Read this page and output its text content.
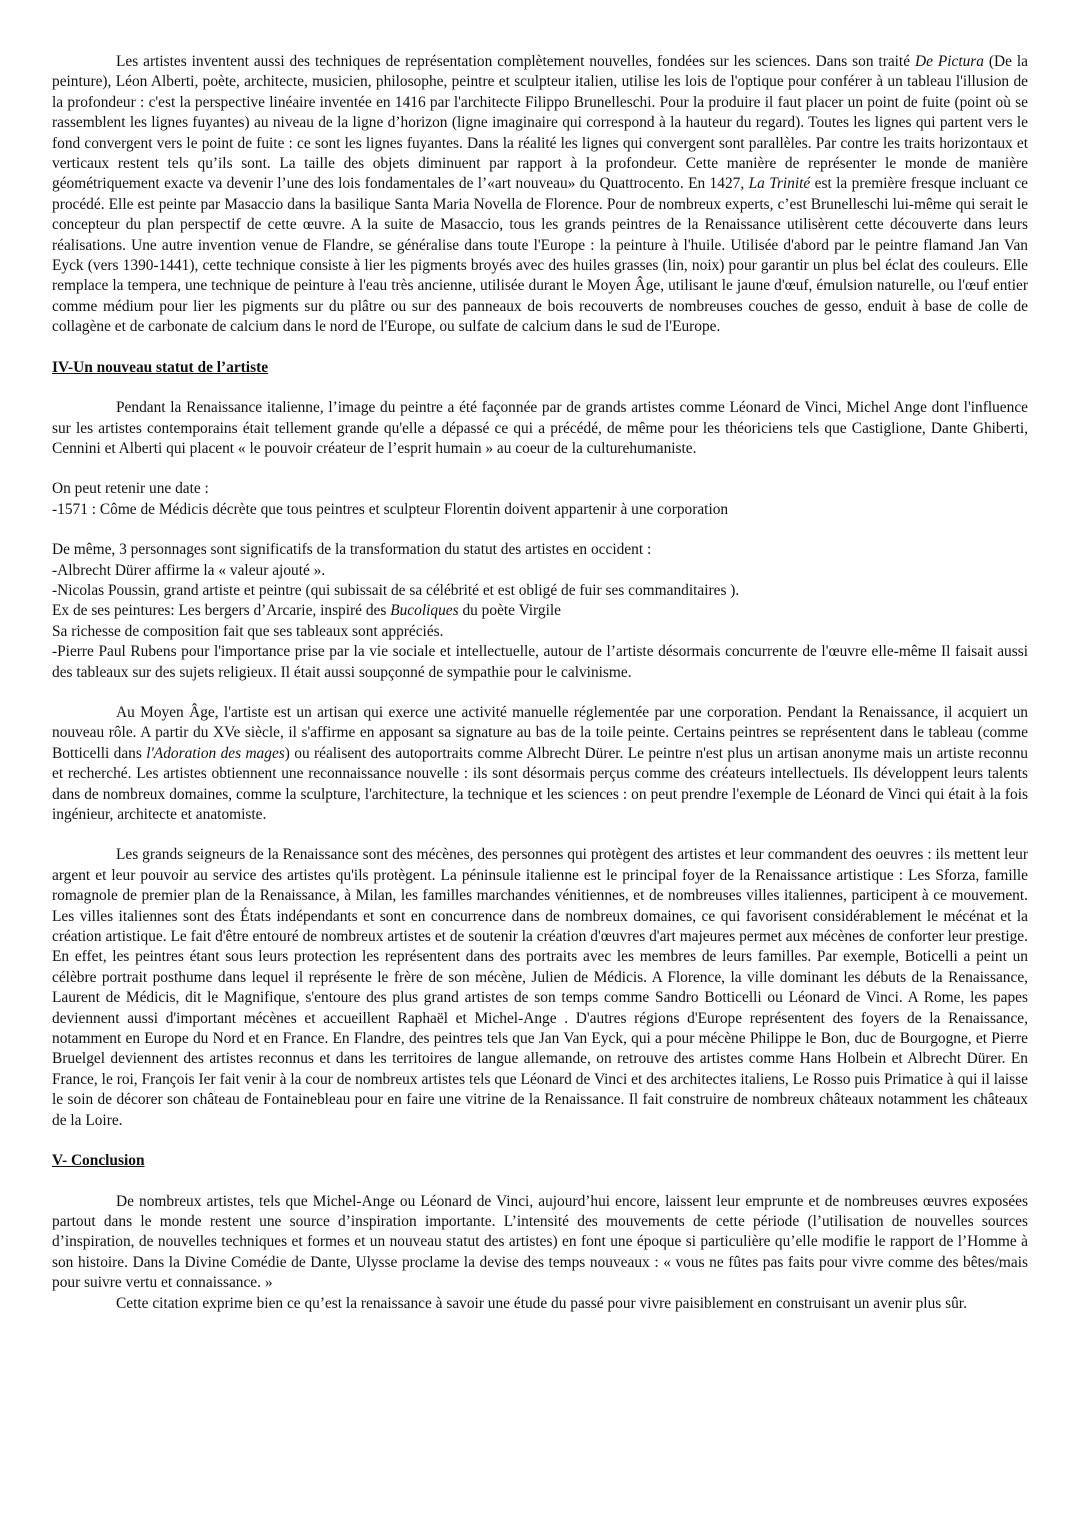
Les artistes inventent aussi des techniques de représentation complètement nouvelles, fondées sur les sciences. Dans son traité De Pictura (De la peinture), Léon Alberti, poète, architecte, musicien, philosophe, peintre et sculpteur italien, utilise les lois de l'optique pour conférer à un tableau l'illusion de la profondeur : c'est la perspective linéaire inventée en 1416 par l'architecte Filippo Brunelleschi. Pour la produire il faut placer un point de fuite (point où se rassemblent les lignes fuyantes) au niveau de la ligne d’horizon (ligne imaginaire qui correspond à la hauteur du regard). Toutes les lignes qui partent vers le fond convergent vers le point de fuite : ce sont les lignes fuyantes. Dans la réalité les lignes qui convergent sont parallèles. Par contre les traits horizontaux et verticaux restent tels qu’ils sont. La taille des objets diminuent par rapport à la profondeur. Cette manière de représenter le monde de manière géométriquement exacte va devenir l’une des lois fondamentales de l’«art nouveau» du Quattrocento. En 1427, La Trinité est la première fresque incluant ce procédé. Elle est peinte par Masaccio dans la basilique Santa Maria Novella de Florence. Pour de nombreux experts, c’est Brunelleschi lui-même qui serait le concepteur du plan perspectif de cette œuvre. A la suite de Masaccio, tous les grands peintres de la Renaissance utilisèrent cette découverte dans leurs réalisations. Une autre invention venue de Flandre, se généralise dans toute l'Europe : la peinture à l'huile. Utilisée d'abord par le peintre flamand Jan Van Eyck (vers 1390-1441), cette technique consiste à lier les pigments broyés avec des huiles grasses (lin, noix) pour garantir un plus bel éclat des couleurs. Elle remplace la tempera, une technique de peinture à l'eau très ancienne, utilisée durant le Moyen Âge, utilisant le jaune d'œuf, émulsion naturelle, ou l'œuf entier comme médium pour lier les pigments sur du plâtre ou sur des panneaux de bois recouverts de nombreuses couches de gesso, enduit à base de colle de collagène et de carbonate de calcium dans le nord de l'Europe, ou sulfate de calcium dans le sud de l'Europe.

IV-Un nouveau statut de l’artiste

Pendant la Renaissance italienne, l’image du peintre a été façonnée par de grands artistes comme Léonard de Vinci, Michel Ange dont l'influence sur les artistes contemporains était tellement grande qu'elle a dépassé ce qui a précédé, de même pour les théoriciens tels que Castiglione, Dante Ghiberti, Cennini et Alberti qui placent « le pouvoir créateur de l’esprit humain » au coeur de la culturehumaniste.

On peut retenir une date :
-1571 : Côme de Médicis décrète que tous peintres et sculpteur Florentin doivent appartenir à une corporation
De même, 3 personnages sont significatifs de la transformation du statut des artistes en occident :
-Albrecht Dürer affirme la « valeur ajouté ».
-Nicolas Poussin, grand artiste et peintre (qui subissait de sa célébrité et est obligé de fuir ses commanditaires ).
Ex de ses peintures: Les bergers d’Arcarie, inspiré des Bucoliques du poète Virgile
Sa richesse de composition fait que ses tableaux sont appréciés.

-Pierre Paul Rubens pour l'importance prise par la vie sociale et intellectuelle, autour de l’artiste désormais concurrente de l'œuvre elle-même Il faisait aussi des tableaux sur des sujets religieux. Il était aussi soupçonné de sympathie pour le calvinisme.

Au Moyen Âge, l'artiste est un artisan qui exerce une activité manuelle réglementée par une corporation. Pendant la Renaissance, il acquiert un nouveau rôle. A partir du XVe siècle, il s'affirme en apposant sa signature au bas de la toile peinte. Certains peintres se représentent dans le tableau (comme Botticelli dans l'Adoration des mages) ou réalisent des autoportraits comme Albrecht Dürer. Le peintre n'est plus un artisan anonyme mais un artiste reconnu et recherché. Les artistes obtiennent une reconnaissance nouvelle : ils sont désormais perçus comme des créateurs intellectuels. Ils développent leurs talents dans de nombreux domaines, comme la sculpture, l'architecture, la technique et les sciences : on peut prendre l'exemple de Léonard de Vinci qui était à la fois ingénieur, architecte et anatomiste.

Les grands seigneurs de la Renaissance sont des mécènes, des personnes qui protègent des artistes et leur commandent des oeuvres : ils mettent leur argent et leur pouvoir au service des artistes qu'ils protègent. La péninsule italienne est le principal foyer de la Renaissance artistique : Les Sforza, famille romagnole de premier plan de la Renaissance, à Milan, les familles marchandes vénitiennes, et de nombreuses villes italiennes, participent à ce mouvement. Les villes italiennes sont des États indépendants et sont en concurrence dans de nombreux domaines, ce qui favorisent considérablement le mécénat et la création artistique. Le fait d'être entouré de nombreux artistes et de soutenir la création d'œuvres d'art majeures permet aux mécènes de conforter leur prestige. En effet, les peintres étant sous leurs protection les représentent dans des portraits avec les membres de leurs familles. Par exemple, Boticelli a peint un célèbre portrait posthume dans lequel il représente le frère de son mécène, Julien de Médicis. A Florence, la ville dominant les débuts de la Renaissance, Laurent de Médicis, dit le Magnifique, s'entoure des plus grand artistes de son temps comme Sandro Botticelli ou Léonard de Vinci. A Rome, les papes deviennent aussi d'important mécènes et accueillent Raphaël et Michel-Ange . D'autres régions d'Europe représentent des foyers de la Renaissance, notamment en Europe du Nord et en France. En Flandre, des peintres tels que Jan Van Eyck, qui a pour mécène Philippe le Bon, duc de Bourgogne, et Pierre Bruelgel deviennent des artistes reconnus et dans les territoires de langue allemande, on retrouve des artistes comme Hans Holbein et Albrecht Dürer. En France, le roi, François Ier fait venir à la cour de nombreux artistes tels que Léonard de Vinci et des architectes italiens, Le Rosso puis Primatice à qui il laisse le soin de décorer son château de Fontainebleau pour en faire une vitrine de la Renaissance. Il fait construire de nombreux châteaux notamment les châteaux de la Loire.

V- Conclusion

De nombreux artistes, tels que Michel-Ange ou Léonard de Vinci, aujourd’hui encore, laissent leur emprunte et de nombreuses œuvres exposées partout dans le monde restent une source d’inspiration importante. L’intensité des mouvements de cette période (l’utilisation de nouvelles sources d’inspiration, de nouvelles techniques et formes et un nouveau statut des artistes) en font une époque si particulière qu’elle modifie le rapport de l’Homme à son histoire. Dans la Divine Comédie de Dante, Ulysse proclame la devise des temps nouveaux : « vous ne fûtes pas faits pour vivre comme des bêtes/mais pour suivre vertu et connaissance. »

Cette citation exprime bien ce qu’est la renaissance à savoir une étude du passé pour vivre paisiblement en construisant un avenir plus sûr.
